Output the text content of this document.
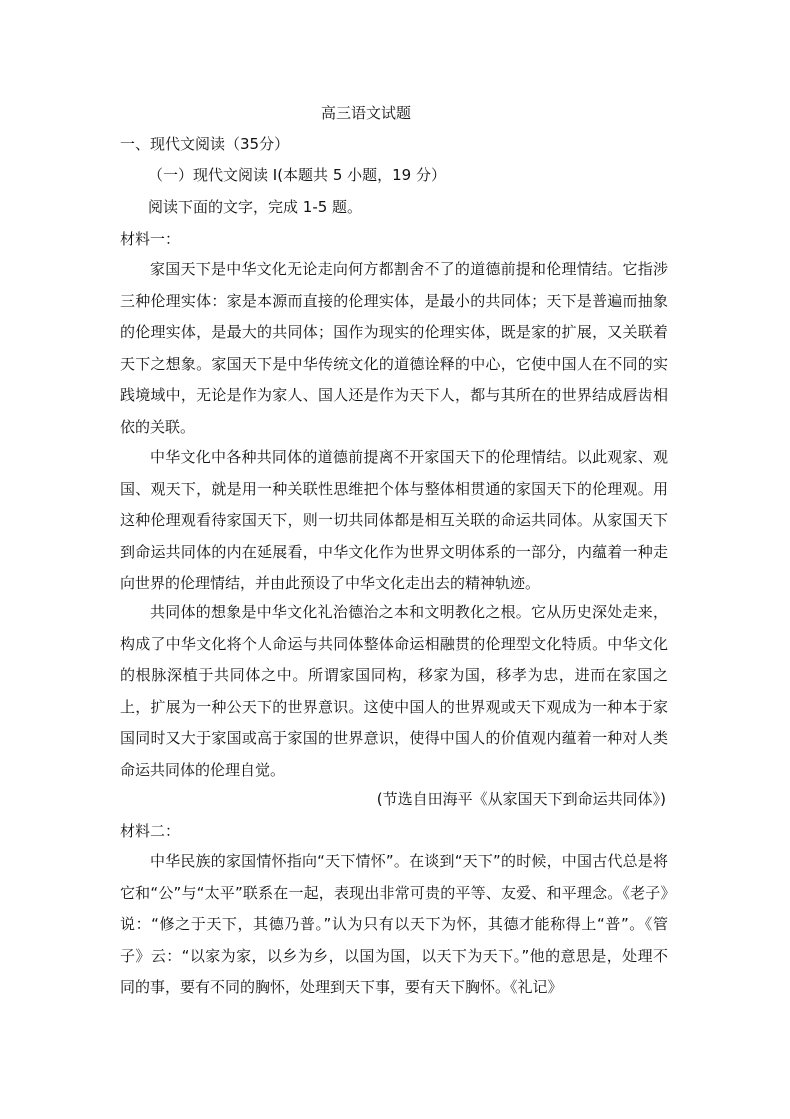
高三语文试题
一、现代文阅读（35分）
（一）现代文阅读 I(本题共 5 小题，19 分）
阅读下面的文字，完成 1-5 题。
材料一：
家国天下是中华文化无论走向何方都割舍不了的道德前提和伦理情结。它指涉三种伦理实体：家是本源而直接的伦理实体，是最小的共同体；天下是普遍而抽象的伦理实体，是最大的共同体；国作为现实的伦理实体，既是家的扩展，又关联着天下之想象。家国天下是中华传统文化的道德诠释的中心，它使中国人在不同的实践境域中，无论是作为家人、国人还是作为天下人，都与其所在的世界结成唇齿相依的关联。
中华文化中各种共同体的道德前提离不开家国天下的伦理情结。以此观家、观国、观天下，就是用一种关联性思维把个体与整体相贯通的家国天下的伦理观。用这种伦理观看待家国天下，则一切共同体都是相互关联的命运共同体。从家国天下到命运共同体的内在延展看，中华文化作为世界文明体系的一部分，内蕴着一种走向世界的伦理情结，并由此预设了中华文化走出去的精神轨迹。
共同体的想象是中华文化礼治德治之本和文明教化之根。它从历史深处走来，构成了中华文化将个人命运与共同体整体命运相融贯的伦理型文化特质。中华文化的根脉深植于共同体之中。所谓家国同构，移家为国，移孝为忠，进而在家国之上，扩展为一种公天下的世界意识。这使中国人的世界观或天下观成为一种本于家国同时又大于家国或高于家国的世界意识，使得中国人的价值观内蕴着一种对人类命运共同体的伦理自觉。
(节选自田海平《从家国天下到命运共同体》)
材料二：
中华民族的家国情怀指向“天下情怀”。在谈到“天下”的时候，中国古代总是将它和“公”与“太平”联系在一起，表现出非常可贵的平等、友爱、和平理念。《老子》说：“修之于天下，其德乃普。”认为只有以天下为怀，其德才能称得上“普”。《管子》云：“以家为家，以乡为乡，以国为国，以天下为天下。”他的意思是，处理不同的事，要有不同的胸怀，处理到天下事，要有天下胸怀。《礼记》
